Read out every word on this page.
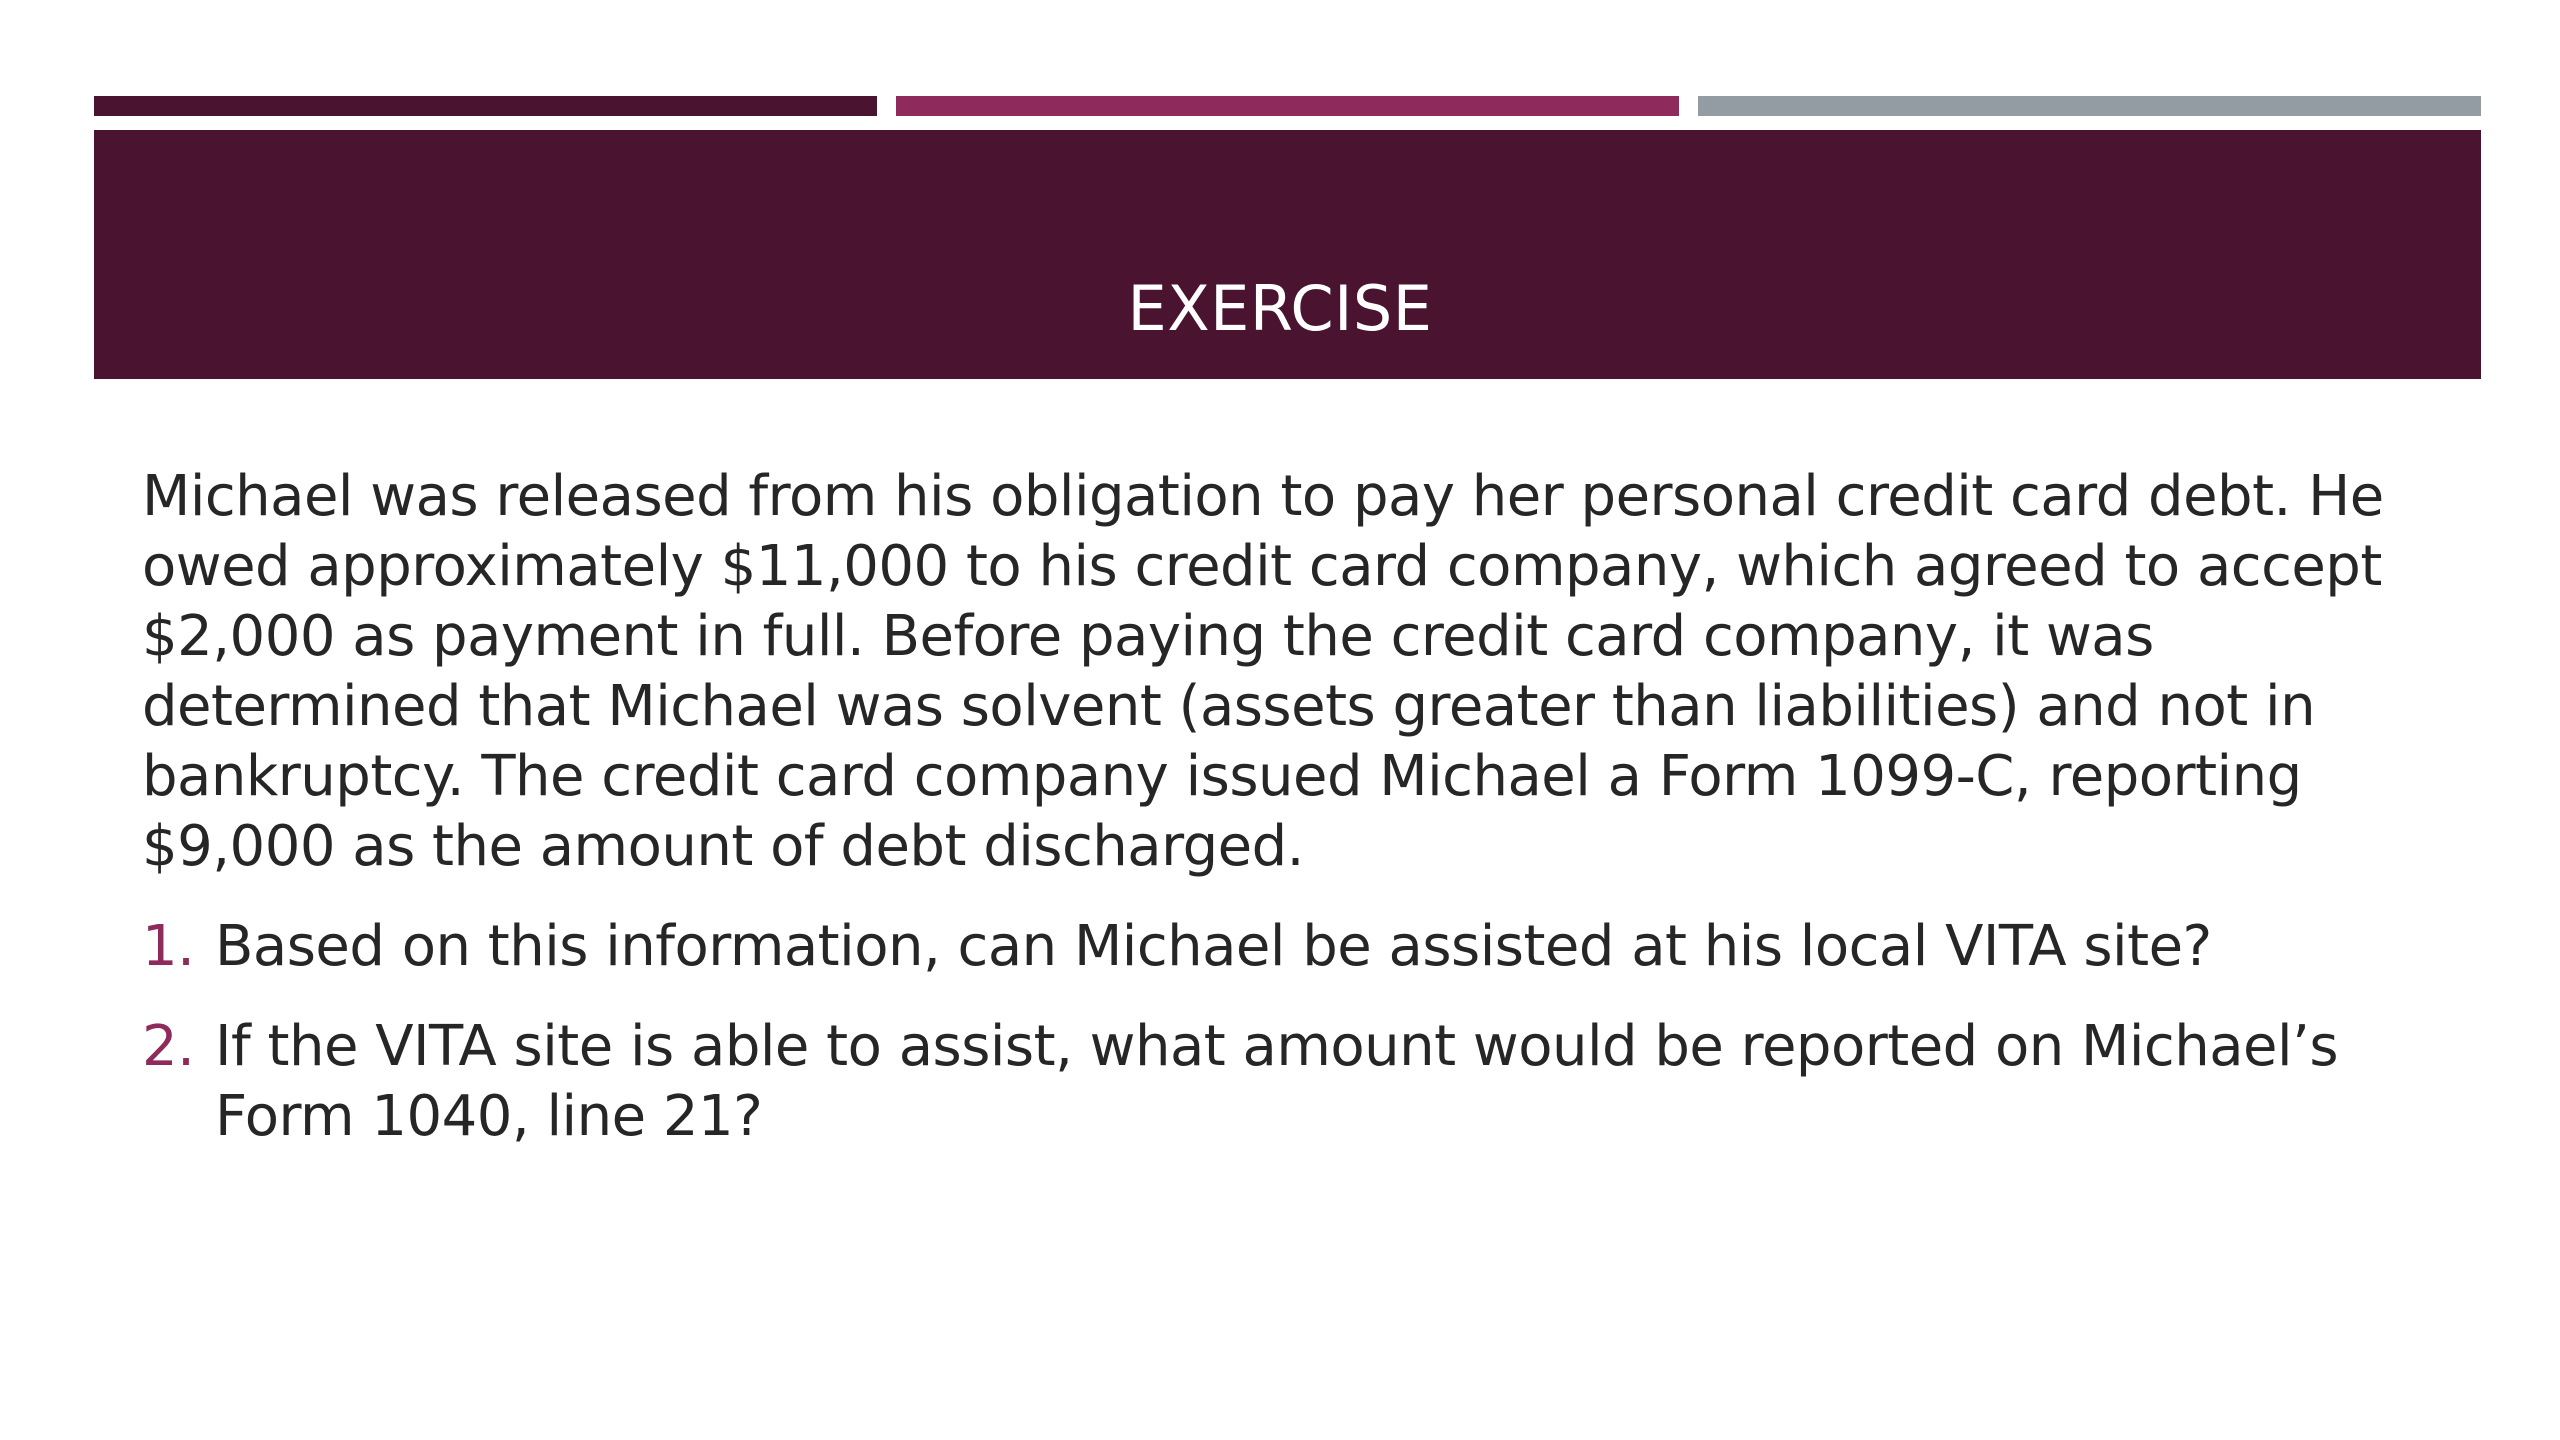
EXERCISE

Michael was released from his obligation to pay her personal credit card debt. He owed approximately $11,000 to his credit card company, which agreed to accept $2,000 as payment in full. Before paying the credit card company, it was determined that Michael was solvent (assets greater than liabilities) and not in bankruptcy. The credit card company issued Michael a Form 1099-C, reporting $9,000 as the amount of debt discharged.

1. Based on this information, can Michael be assisted at his local VITA site?
2. If the VITA site is able to assist, what amount would be reported on Michael’s Form 1040, line 21?
